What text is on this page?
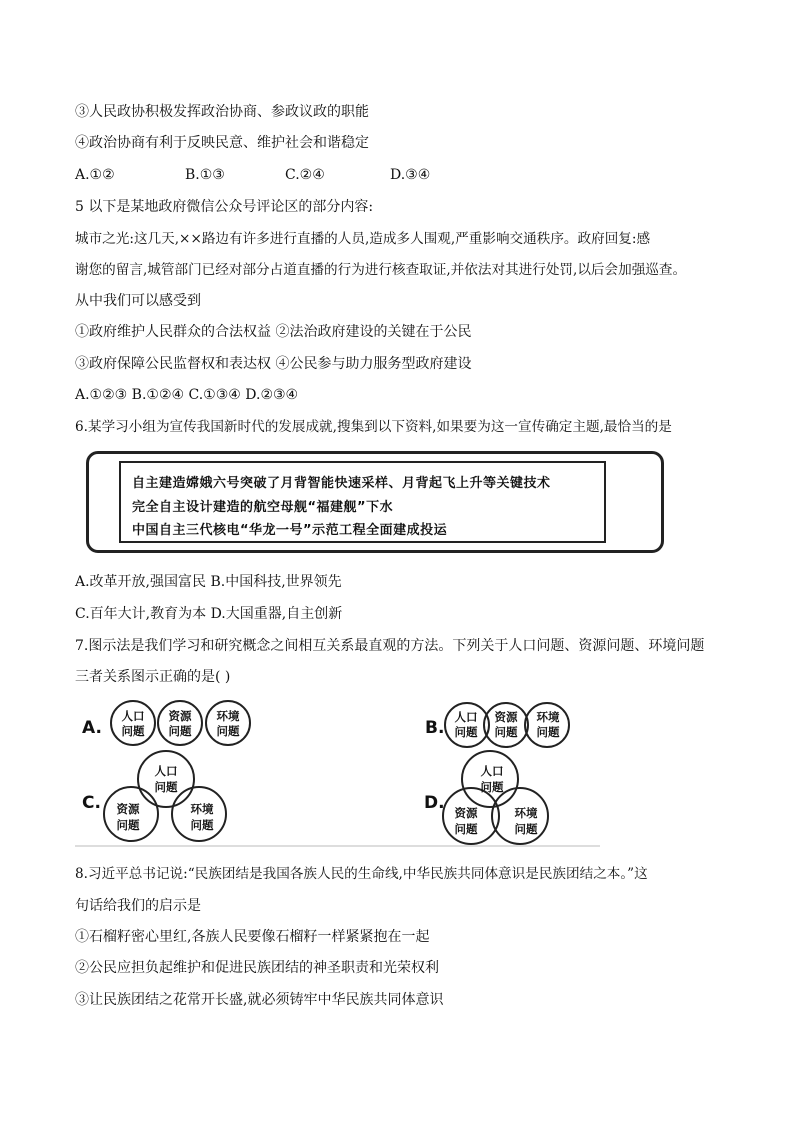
③人民政协积极发挥政治协商、参政议政的职能
④政治协商有利于反映民意、维护社会和谐稳定
A.①②	B.①③	C.②④	D.③④
5 以下是某地政府微信公众号评论区的部分内容:
城市之光:这几天,××路边有许多进行直播的人员,造成多人围观,严重影响交通秩序。政府回复:感
谢您的留言,城管部门已经对部分占道直播的行为进行核查取证,并依法对其进行处罚,以后会加强巡查。
从中我们可以感受到
①政府维护人民群众的合法权益 ②法治政府建设的关键在于公民
③政府保障公民监督权和表达权 ④公民参与助力服务型政府建设
A.①②③ B.①②④ C.①③④ D.②③④
6.某学习小组为宣传我国新时代的发展成就,搜集到以下资料,如果要为这一宣传确定主题,最恰当的是
自主建造嫦娥六号突破了月背智能快速采样、月背起飞上升等关键技术
完全自主设计建造的航空母舰“福建舰”下水
中国自主三代核电“华龙一号”示范工程全面建成投运
A.改革开放,强国富民 B.中国科技,世界领先
C.百年大计,教育为本 D.大国重器,自主创新
7.图示法是我们学习和研究概念之间相互关系最直观的方法。下列关于人口问题、资源问题、环境问题
三者关系图示正确的是( )
A.	B.
C.	D.
人口
问题
资源
问题
环境
问题
人口
问题
资源
问题
环境
问题
人口
问题
资源
问题
环境
问题
人口
问题
资源
问题
环境
问题
8.习近平总书记说:“民族团结是我国各族人民的生命线,中华民族共同体意识是民族团结之本。”这
句话给我们的启示是
①石榴籽密心里红,各族人民要像石榴籽一样紧紧抱在一起
②公民应担负起维护和促进民族团结的神圣职责和光荣权利
③让民族团结之花常开长盛,就必须铸牢中华民族共同体意识
